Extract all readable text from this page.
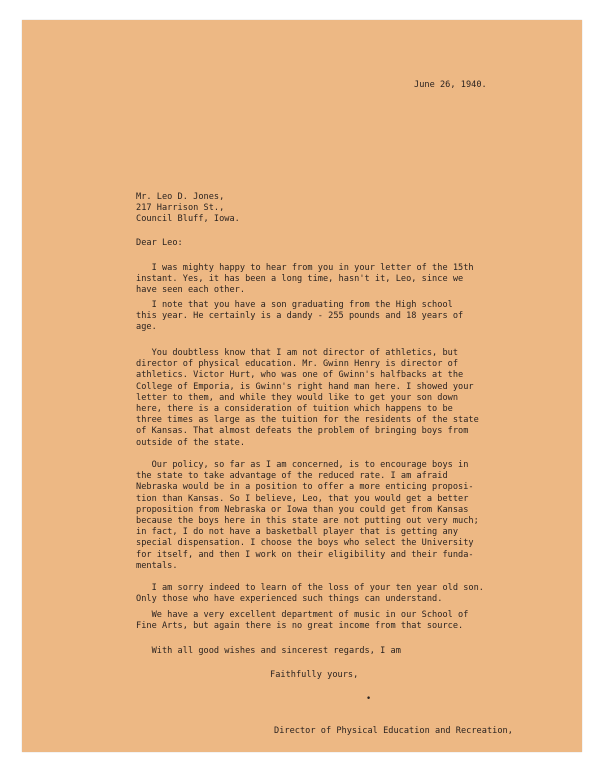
June 26, 1940.
Mr. Leo D. Jones,
217 Harrison St.,
Council Bluff, Iowa.
Dear Leo:
I was mighty happy to hear from you in your letter of the 15th
instant. Yes, it has been a long time, hasn't it, Leo, since we
have seen each other.
I note that you have a son graduating from the High school
this year. He certainly is a dandy - 255 pounds and 18 years of
age.
You doubtless know that I am not director of athletics, but
director of physical education. Mr. Gwinn Henry is director of
athletics. Victor Hurt, who was one of Gwinn's halfbacks at the
College of Emporia, is Gwinn's right hand man here. I showed your
letter to them, and while they would like to get your son down
here, there is a consideration of tuition which happens to be
three times as large as the tuition for the residents of the state
of Kansas. That almost defeats the problem of bringing boys from
outside of the state.
Our policy, so far as I am concerned, is to encourage boys in
the state to take advantage of the reduced rate. I am afraid
Nebraska would be in a position to offer a more enticing proposi-
tion than Kansas. So I believe, Leo, that you would get a better
proposition from Nebraska or Iowa than you could get from Kansas
because the boys here in this state are not putting out very much;
in fact, I do not have a basketball player that is getting any
special dispensation. I choose the boys who select the University
for itself, and then I work on their eligibility and their funda-
mentals.
I am sorry indeed to learn of the loss of your ten year old son.
Only those who have experienced such things can understand.
We have a very excellent department of music in our School of
Fine Arts, but again there is no great income from that source.
With all good wishes and sincerest regards, I am
Faithfully yours,
•
Director of Physical Education and Recreation,
